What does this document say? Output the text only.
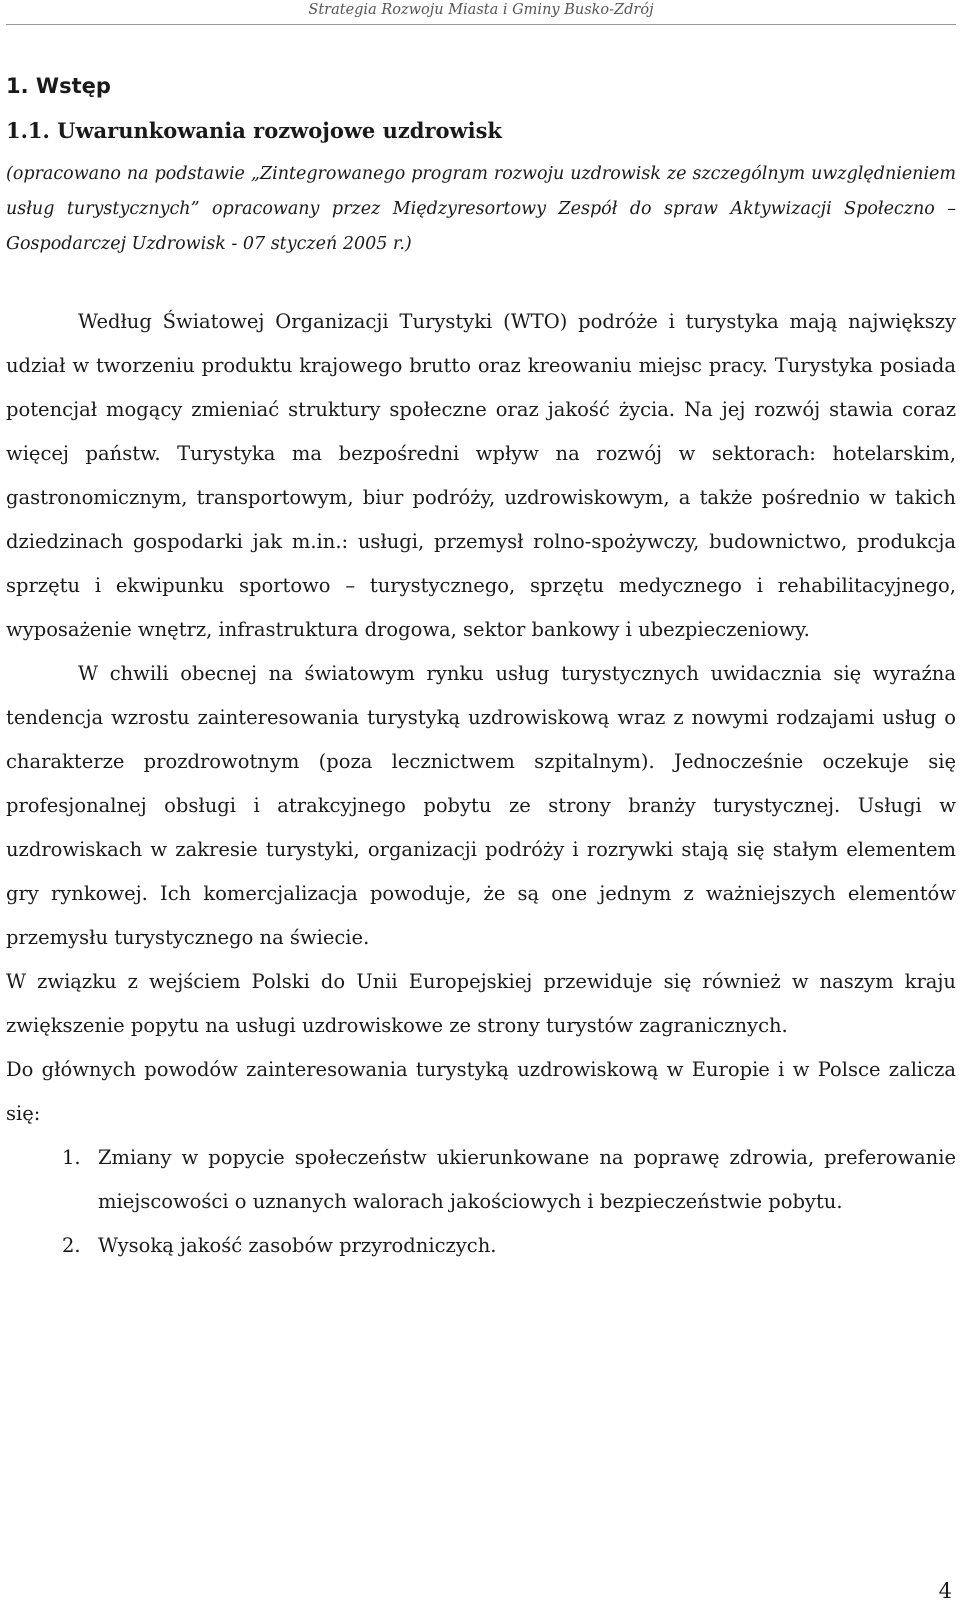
Strategia Rozwoju Miasta i Gminy Busko-Zdrój
1. Wstęp
1.1. Uwarunkowania rozwojowe uzdrowisk

(opracowano na podstawie „Zintegrowanego program rozwoju uzdrowisk ze szczególnym uwzględnieniem usług turystycznych” opracowany przez Międzyresortowy Zespół do spraw Aktywizacji Społeczno – Gospodarczej Uzdrowisk - 07 styczeń 2005 r.)

Według Światowej Organizacji Turystyki (WTO) podróże i turystyka mają największy udział w tworzeniu produktu krajowego brutto oraz kreowaniu miejsc pracy. Turystyka posiada potencjał mogący zmieniać struktury społeczne oraz jakość życia. Na jej rozwój stawia coraz więcej państw. Turystyka ma bezpośredni wpływ na rozwój w sektorach: hotelarskim, gastronomicznym, transportowym, biur podróży, uzdrowiskowym, a także pośrednio w takich dziedzinach gospodarki jak m.in.: usługi, przemysł rolno-spożywczy, budownictwo, produkcja sprzętu i ekwipunku sportowo – turystycznego, sprzętu medycznego i rehabilitacyjnego, wyposażenie wnętrz, infrastruktura drogowa, sektor bankowy i ubezpieczeniowy.

W chwili obecnej na światowym rynku usług turystycznych uwidacznia się wyraźna tendencja wzrostu zainteresowania turystyką uzdrowiskową wraz z nowymi rodzajami usług o charakterze prozdrowotnym (poza lecznictwem szpitalnym). Jednocześnie oczekuje się profesjonalnej obsługi i atrakcyjnego pobytu ze strony branży turystycznej. Usługi w uzdrowiskach w zakresie turystyki, organizacji podróży i rozrywki stają się stałym elementem gry rynkowej. Ich komercjalizacja powoduje, że są one jednym z ważniejszych elementów przemysłu turystycznego na świecie.

W związku z wejściem Polski do Unii Europejskiej przewiduje się również w naszym kraju zwiększenie popytu na usługi uzdrowiskowe ze strony turystów zagranicznych.

Do głównych powodów zainteresowania turystyką uzdrowiskową w Europie i w Polsce zalicza się:

1. Zmiany w popycie społeczeństw ukierunkowane na poprawę zdrowia, preferowanie miejscowości o uznanych walorach jakościowych i bezpieczeństwie pobytu.
2. Wysoką jakość zasobów przyrodniczych.
4
